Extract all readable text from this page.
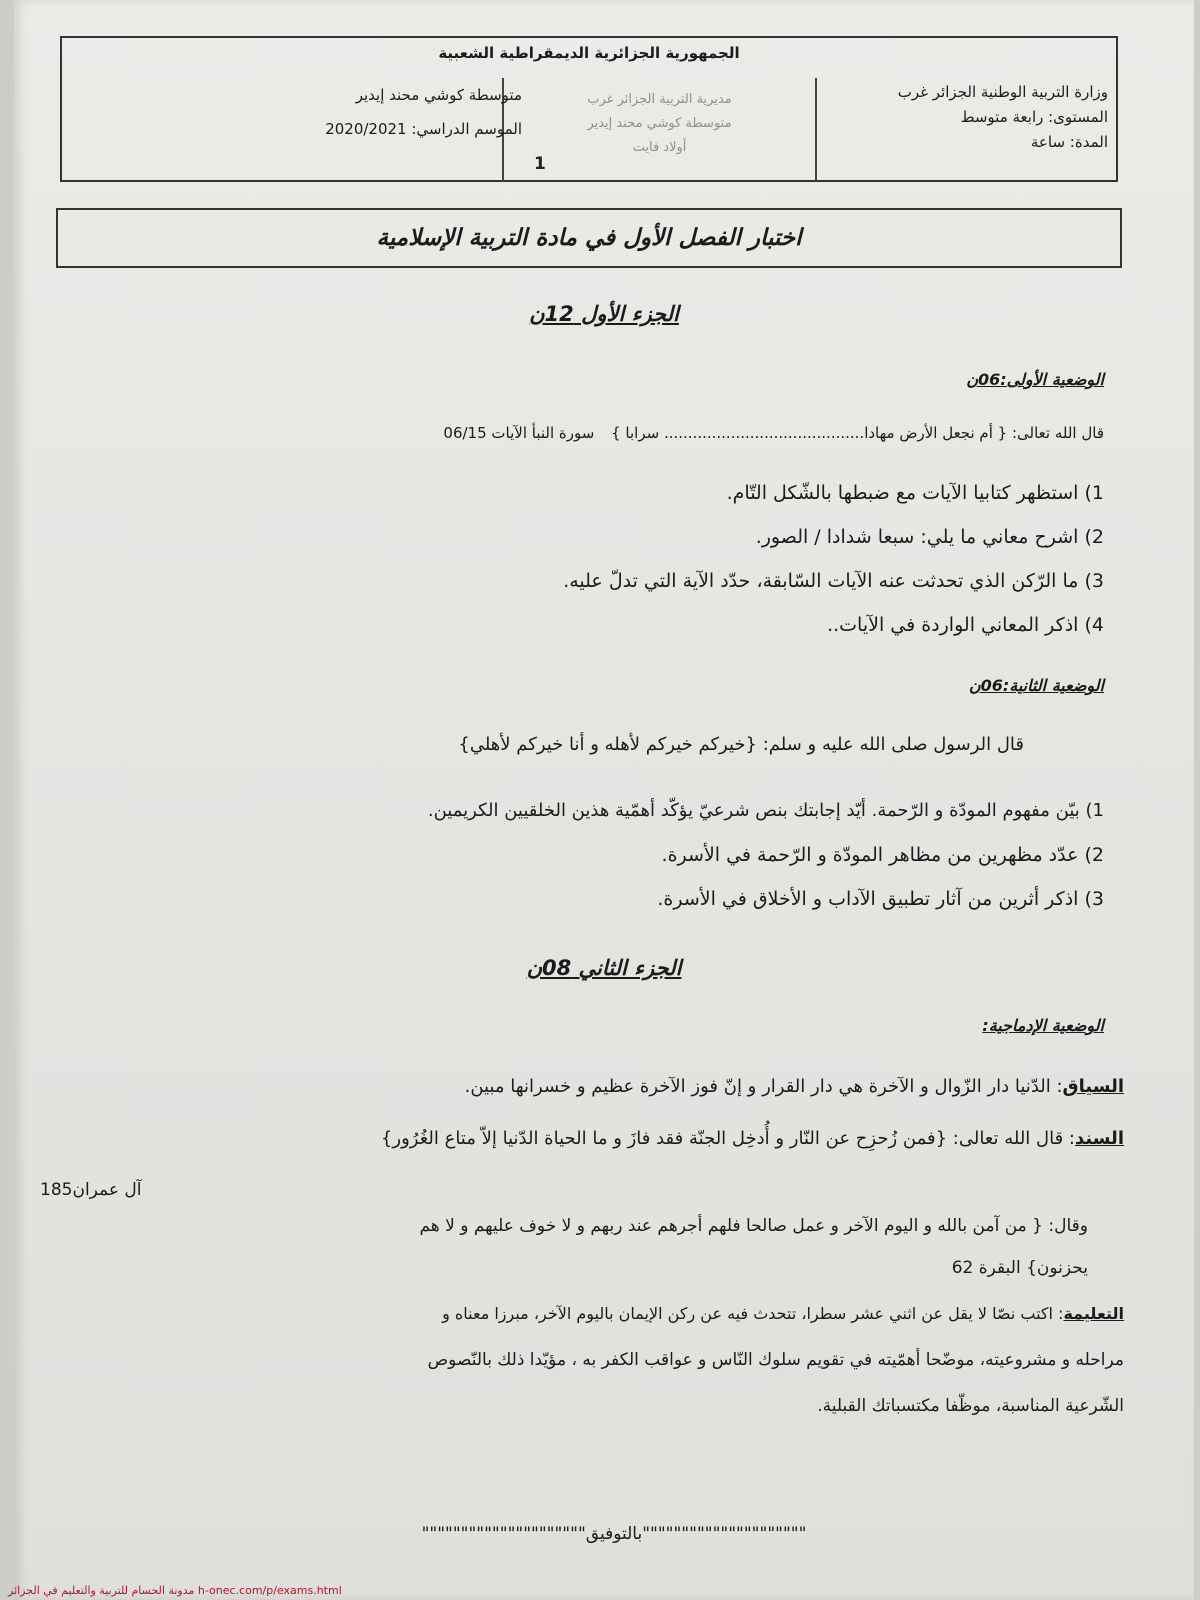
الجمهورية الجزائرية الديمقراطية الشعبية
وزارة التربية الوطنية الجزائر غرب
المستوى: رابعة متوسط
المدة: ساعة
مديرية التربية الجزائر غرب
متوسطة كوشي محند إيدير
أولاد فايت
1
متوسطة كوشي محند إيدير
الموسم الدراسي: 2020/2021
اختبار الفصل الأول في مادة التربية الإسلامية
الجزء الأول 12ن
الوضعية الأولى:06ن
قال الله تعالى: { أم نجعل الأرض مهادا.......................................... سرابا } سورة النبأ الآيات 06/15
1) استظهر كتابيا الآيات مع ضبطها بالشّكل التّام.
2) اشرح معاني ما يلي: سبعا شدادا / الصور.
3) ما الرّكن الذي تحدثت عنه الآيات السّابقة، حدّد الآية التي تدلّ عليه.
4) اذكر المعاني الواردة في الآيات..
الوضعية الثانية:06ن
قال الرسول صلى الله عليه و سلم: {خيركم خيركم لأهله و أنا خيركم لأهلي}
1) بيّن مفهوم المودّة و الرّحمة. أيّد إجابتك بنص شرعيّ يؤكّد أهمّية هذين الخلقيين الكريمين.
2) عدّد مظهرين من مظاهر المودّة و الرّحمة في الأسرة.
3) اذكر أثرين من آثار تطبيق الآداب و الأخلاق في الأسرة.
الجزء الثاني 08ن
الوضعية الإدماجية:
السياق: الدّنيا دار الزّوال و الآخرة هي دار القرار و إنّ فوز الآخرة عظيم و خسرانها مبين.
السند: قال الله تعالى: {فمن زُحزِح عن النّار و أُدخِل الجنّة فقد فازَ و ما الحياة الدّنيا إلاّ متاع الغُرُور}
آل عمران185
وقال: { من آمن بالله و اليوم الآخر و عمل صالحا فلهم أجرهم عند ربهم و لا خوف عليهم و لا هم
يحزنون} البقرة 62
التعليمة: اكتب نصّا لا يقل عن اثني عشر سطرا، تتحدث فيه عن ركن الإيمان باليوم الآخر، مبرزا معناه و
مراحله و مشروعيته، موضّحا أهمّيته في تقويم سلوك النّاس و عواقب الكفر به ، مؤيّدا ذلك بالنّصوص
الشّرعية المناسبة، موظّفا مكتسباتك القبلية.
"""""""""""""""""""""بالتوفيق"""""""""""""""""""""
مدونة الحسام للتربية والتعليم في الجزائر h-onec.com/p/exams.html
